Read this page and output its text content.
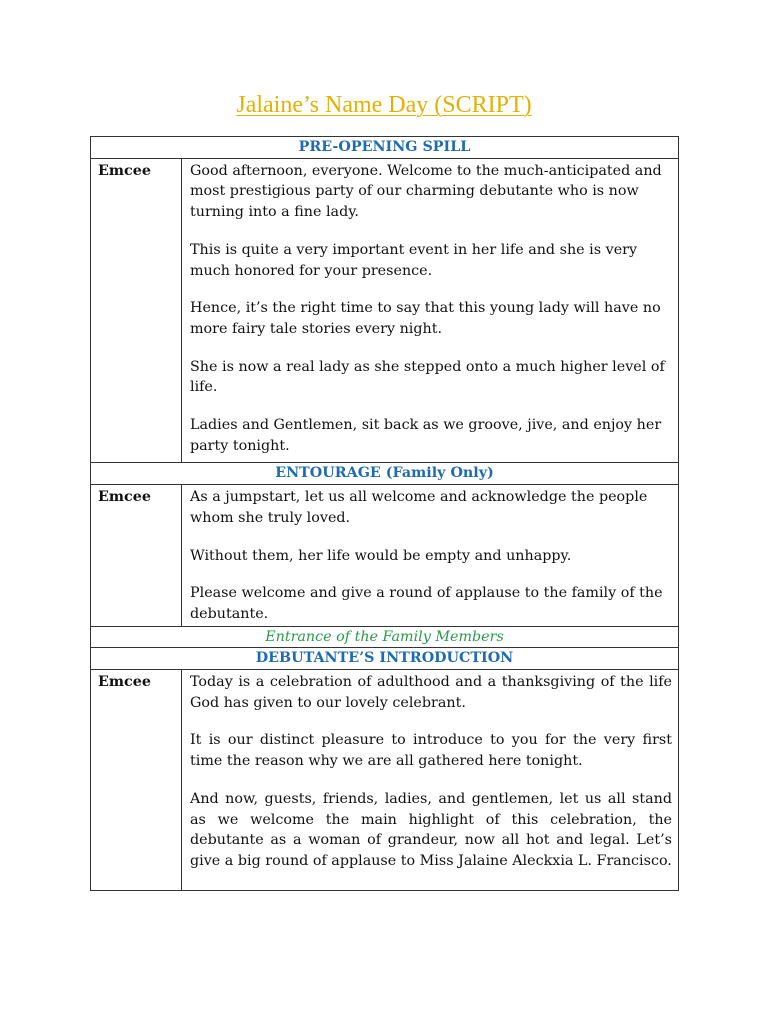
Jalaine’s Name Day (SCRIPT)
PRE-OPENING SPILL	
Emcee	Good afternoon, everyone. Welcome to the much-anticipated and most prestigious party of our charming debutante who is now turning into a fine lady.

This is quite a very important event in her life and she is very much honored for your presence.

Hence, it’s the right time to say that this young lady will have no more fairy tale stories every night.

She is now a real lady as she stepped onto a much higher level of life.

Ladies and Gentlemen, sit back as we groove, jive, and enjoy her party tonight.

ENTOURAGE (Family Only)	
Emcee	As a jumpstart, let us all welcome and acknowledge the people whom she truly loved.

Without them, her life would be empty and unhappy.

Please welcome and give a round of applause to the family of the debutante.

Entrance of the Family Members	
DEBUTANTE’S INTRODUCTION	
Emcee	Today is a celebration of adulthood and a thanksgiving of the life God has given to our lovely celebrant.

It is our distinct pleasure to introduce to you for the very first time the reason why we are all gathered here tonight.

And now, guests, friends, ladies, and gentlemen, let us all stand as we welcome the main highlight of this celebration, the debutante as a woman of grandeur, now all hot and legal. Let’s give a big round of applause to Miss Jalaine Aleckxia L. Francisco.
